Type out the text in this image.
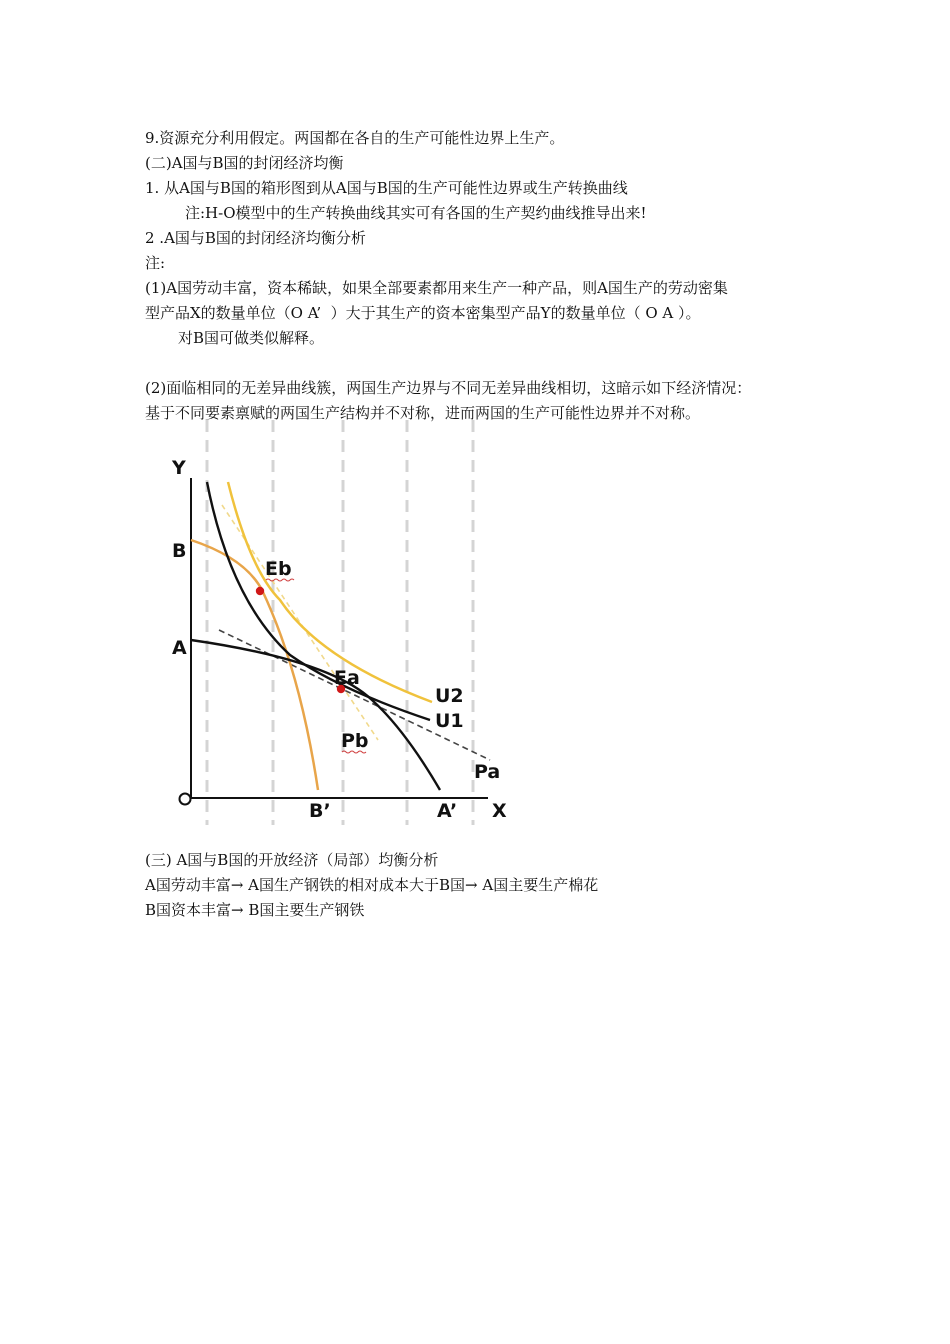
9.资源充分利用假定。两国都在各自的生产可能性边界上生产。
(二)A国与B国的封闭经济均衡
1. 从A国与B国的箱形图到从A国与B国的生产可能性边界或生产转换曲线
注:H-O模型中的生产转换曲线其实可有各国的生产契约曲线推导出来!
2 .A国与B国的封闭经济均衡分析
注:
(1)A国劳动丰富，资本稀缺，如果全部要素都用来生产一种产品，则A国生产的劳动密集
型产品X的数量单位（O A’  ）大于其生产的资本密集型产品Y的数量单位（ O A ）。
对B国可做类似解释。
(2)面临相同的无差异曲线簇，两国生产边界与不同无差异曲线相切，这暗示如下经济情况：
基于不同要素禀赋的两国生产结构并不对称，进而两国的生产可能性边界并不对称。
Y
B
A
Eb
Ea
U2
U1
Pb
Pa
B’	A’ X
(三) A国与B国的开放经济（局部）均衡分析
A国劳动丰富→ A国生产钢铁的相对成本大于B国→ A国主要生产棉花
B国资本丰富→ B国主要生产钢铁
